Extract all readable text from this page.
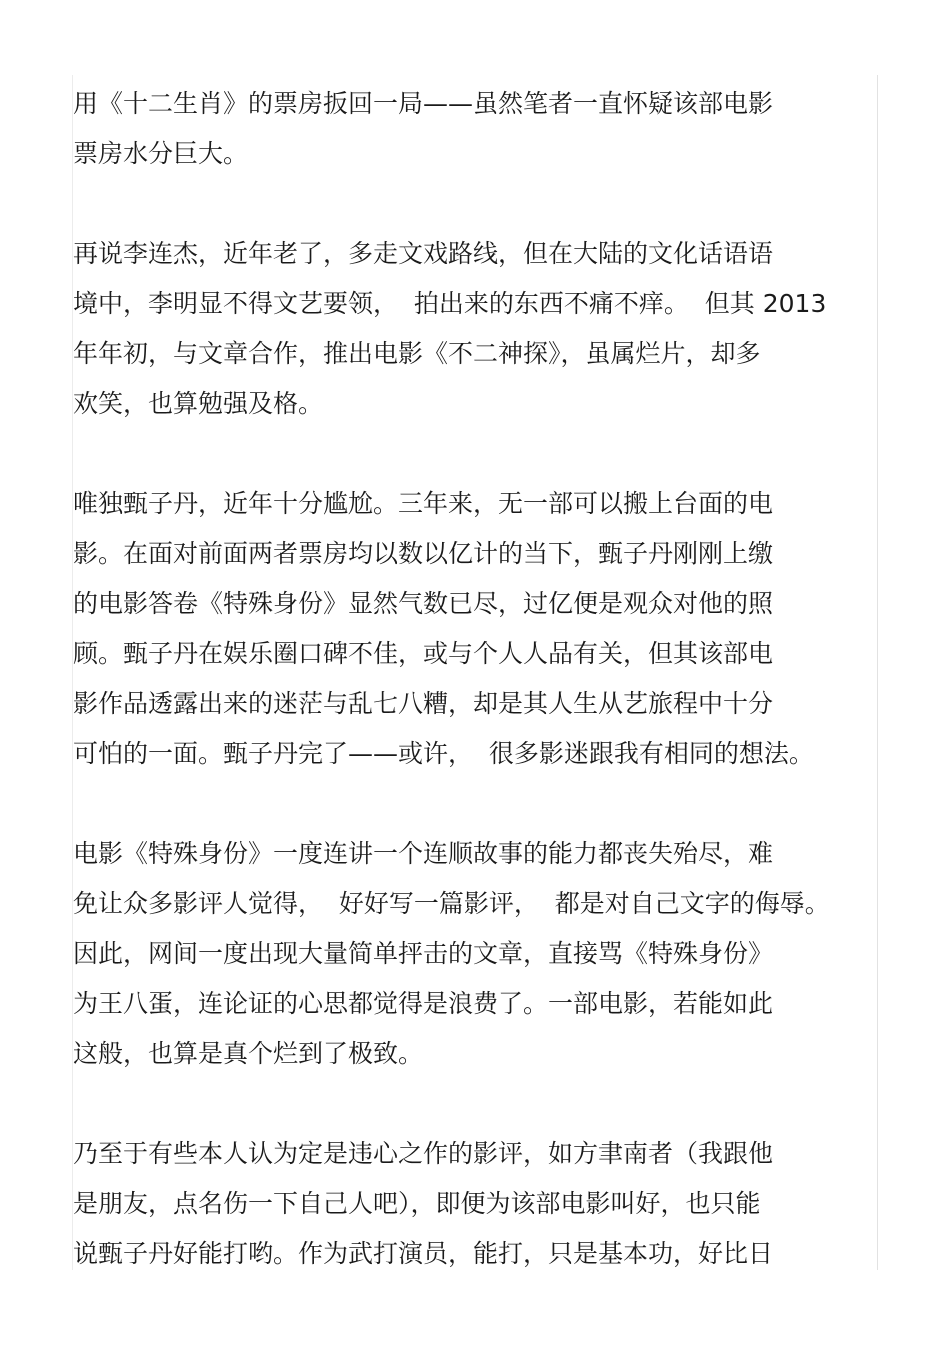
用《十二生肖》的票房扳回一局——虽然笔者一直怀疑该部电影
票房水分巨大。
再说李连杰，近年老了，多走文戏路线，但在大陆的文化话语语
境中，李明显不得文艺要领，  拍出来的东西不痛不痒。  但其 2013
年年初，与文章合作，推出电影《不二神探》，虽属烂片，却多
欢笑，也算勉强及格。
唯独甄子丹，近年十分尴尬。三年来，无一部可以搬上台面的电
影。在面对前面两者票房均以数以亿计的当下，甄子丹刚刚上缴
的电影答卷《特殊身份》显然气数已尽，过亿便是观众对他的照
顾。甄子丹在娱乐圈口碑不佳，或与个人人品有关，但其该部电
影作品透露出来的迷茫与乱七八糟，却是其人生从艺旅程中十分
可怕的一面。甄子丹完了——或许，  很多影迷跟我有相同的想法。
电影《特殊身份》一度连讲一个连顺故事的能力都丧失殆尽，难
免让众多影评人觉得，  好好写一篇影评，  都是对自己文字的侮辱。
因此，网间一度出现大量简单抨击的文章，直接骂《特殊身份》
为王八蛋，连论证的心思都觉得是浪费了。一部电影，若能如此
这般，也算是真个烂到了极致。
乃至于有些本人认为定是违心之作的影评，如方聿南者（我跟他
是朋友，点名伤一下自己人吧），即便为该部电影叫好，也只能
说甄子丹好能打哟。作为武打演员，能打，只是基本功，好比日
